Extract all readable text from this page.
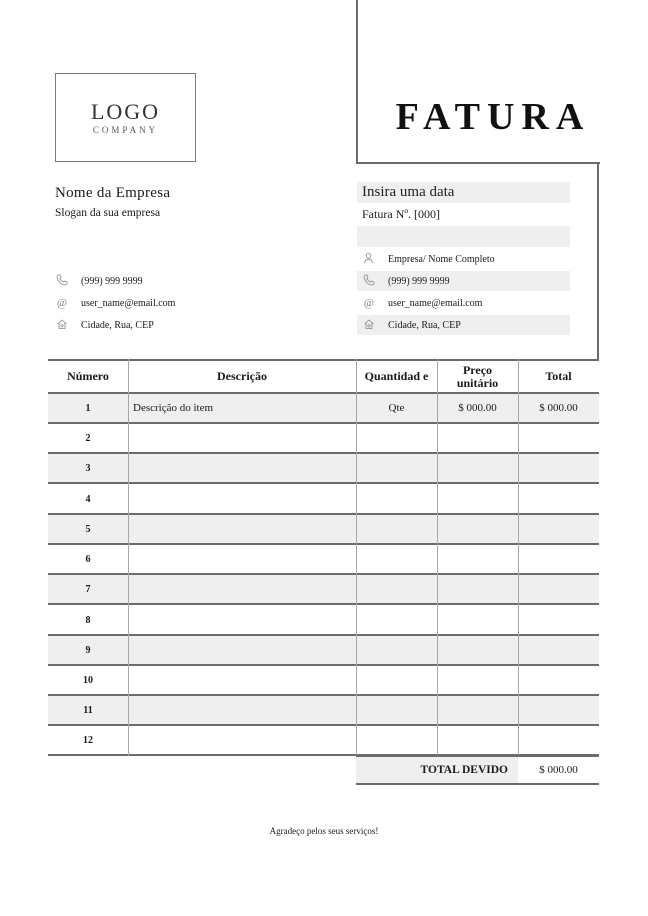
LOGO
COMPANY	FATURA
Nome da Empresa
Slogan da sua empresa
(999) 999 9999
@ user_name@email.com
Cidade, Rua, CEP
Insira uma data
Fatura Nº. [000]
Empresa/ Nome Completo
(999) 999 9999
@ user_name@email.com
Cidade, Rua, CEP
Número	Descrição	Quantidad e	Preço unitário	Total
1	Descrição do item	Qte	$ 000.00	$ 000.00
2
3
4
5
6
7
8
9
10
11
12
TOTAL DEVIDO	$ 000.00
Agradeço pelos seus serviços!
